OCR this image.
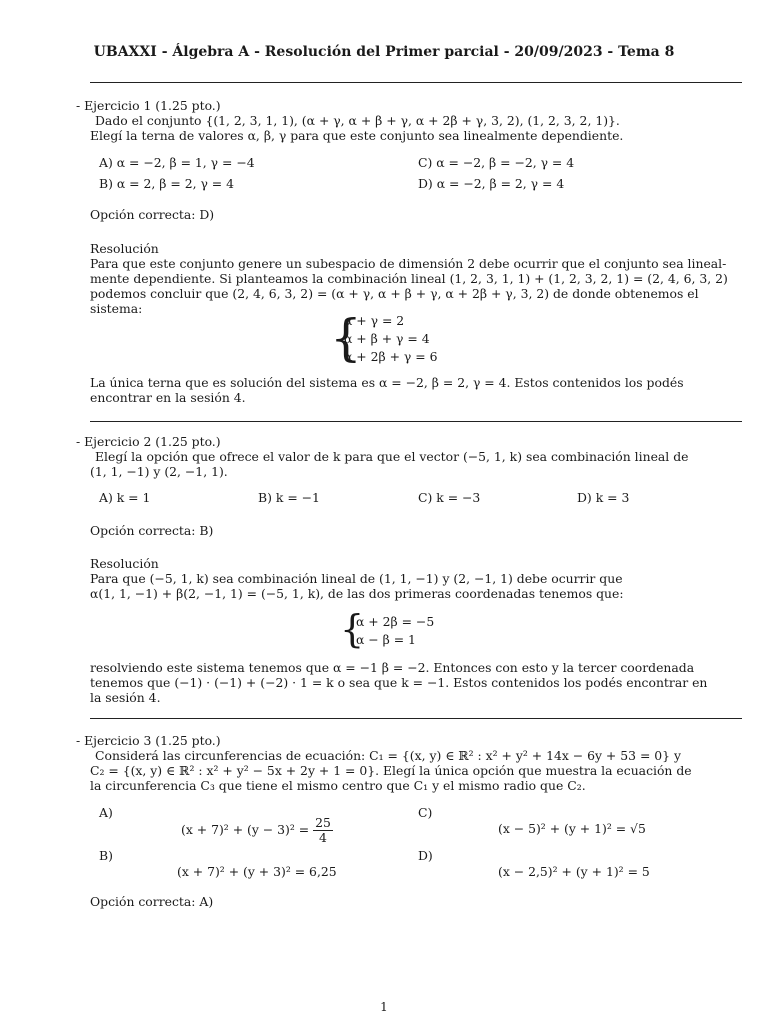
UBAXXI - Álgebra A - Resolución del Primer parcial - 20/09/2023 - Tema 8
- Ejercicio 1 (1.25 pto.)
Dado el conjunto {(1, 2, 3, 1, 1), (α + γ, α + β + γ, α + 2β + γ, 3, 2), (1, 2, 3, 2, 1)}.
Elegí la terna de valores α, β, γ para que este conjunto sea linealmente dependiente.
A) α = −2, β = 1, γ = −4
B) α = 2, β = 2, γ = 4
C) α = −2, β = −2, γ = 4
D) α = −2, β = 2, γ = 4
Opción correcta: D)
Resolución
Para que este conjunto genere un subespacio de dimensión 2 debe ocurrir que el conjunto sea lineal-
mente dependiente. Si planteamos la combinación lineal (1, 2, 3, 1, 1) + (1, 2, 3, 2, 1) = (2, 4, 6, 3, 2)
podemos concluir que (2, 4, 6, 3, 2) = (α + γ, α + β + γ, α + 2β + γ, 3, 2) de donde obtenemos el
sistema:
{
α + γ = 2
α + β + γ = 4
α + 2β + γ = 6
La única terna que es solución del sistema es α = −2, β = 2, γ = 4. Estos contenidos los podés
encontrar en la sesión 4.
- Ejercicio 2 (1.25 pto.)
Elegí la opción que ofrece el valor de k para que el vector (−5, 1, k) sea combinación lineal de
(1, 1, −1) y (2, −1, 1).
A) k = 1	B) k = −1	C) k = −3	D) k = 3
Opción correcta: B)
Resolución
Para que (−5, 1, k) sea combinación lineal de (1, 1, −1) y (2, −1, 1) debe ocurrir que
α(1, 1, −1) + β(2, −1, 1) = (−5, 1, k), de las dos primeras coordenadas tenemos que:
{
α + 2β = −5
α − β = 1
resolviendo este sistema tenemos que α = −1 β = −2. Entonces con esto y la tercer coordenada
tenemos que (−1) · (−1) + (−2) · 1 = k o sea que k = −1. Estos contenidos los podés encontrar en
la sesión 4.
- Ejercicio 3 (1.25 pto.)
Considerá las circunferencias de ecuación: C₁ = {(x, y) ∈ ℝ² : x² + y² + 14x − 6y + 53 = 0} y
C₂ = {(x, y) ∈ ℝ² : x² + y² − 5x + 2y + 1 = 0}. Elegí la única opción que muestra la ecuación de
la circunferencia C₃ que tiene el mismo centro que C₁ y el mismo radio que C₂.
A)
$(x + 7)^2 + (y - 3)^2 = \frac{25}{4}$
B)
(x + 7)² + (y + 3)² = 6,25
C)
(x − 5)² + (y + 1)² = √5
D)
(x − 2,5)² + (y + 1)² = 5
Opción correcta: A)
1
